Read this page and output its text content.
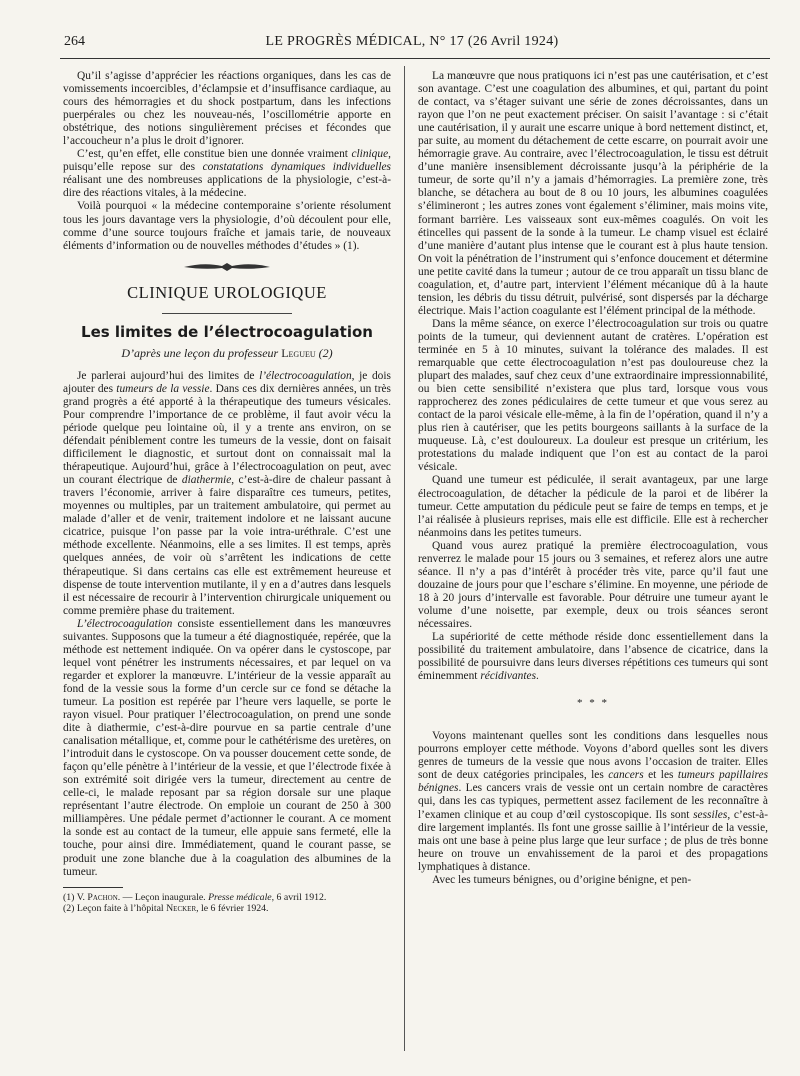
264	LE PROGRÈS MÉDICAL, N° 17 (26 Avril 1924)

Qu’il s’agisse d’apprécier les réactions organiques, dans les cas de vomissements incoercibles, d’éclampsie et d’insuffisance cardiaque, au cours des hémorragies et du shock postpartum, dans les infections puerpérales ou chez les nouveau-nés, l’oscillométrie apporte en obstétrique, des notions singulièrement précises et fécondes que l’accoucheur n’a plus le droit d’ignorer.

C’est, qu’en effet, elle constitue bien une donnée vraiment clinique, puisqu’elle repose sur des constatations dynamiques individuelles réalisant une des nombreuses applications de la physiologie, c’est-à-dire des réactions vitales, à la médecine.

Voilà pourquoi « la médecine contemporaine s’oriente résolument tous les jours davantage vers la physiologie, d’où découlent pour elle, comme d’une source toujours fraîche et jamais tarie, de nouveaux éléments d’information ou de nouvelles méthodes d’études » (1).

CLINIQUE UROLOGIQUE
Les limites de l’électrocoagulation
D’après une leçon du professeur Legueu (2)

Je parlerai aujourd’hui des limites de l’électrocoagulation, je dois ajouter des tumeurs de la vessie. Dans ces dix dernières années, un très grand progrès a été apporté à la thérapeutique des tumeurs vésicales. Pour comprendre l’importance de ce problème, il faut avoir vécu la période quelque peu lointaine où, il y a trente ans environ, on se défendait péniblement contre les tumeurs de la vessie, dont on faisait difficilement le diagnostic, et surtout dont on connaissait mal la thérapeutique. Aujourd’hui, grâce à l’électrocoagulation on peut, avec un courant électrique de diathermie, c’est-à-dire de chaleur passant à travers l’économie, arriver à faire disparaître ces tumeurs, petites, moyennes ou multiples, par un traitement ambulatoire, qui permet au malade d’aller et de venir, traitement indolore et ne laissant aucune cicatrice, puisque l’on passe par la voie intra-uréthrale. C’est une méthode excellente. Néanmoins, elle a ses limites. Il est temps, après quelques années, de voir où s’arrêtent les indications de cette thérapeutique. Si dans certains cas elle est extrêmement heureuse et dispense de toute intervention mutilante, il y en a d’autres dans lesquels il est nécessaire de recourir à l’intervention chirurgicale uniquement ou comme première phase du traitement.

L’électrocoagulation consiste essentiellement dans les manœuvres suivantes. Supposons que la tumeur a été diagnostiquée, repérée, que la méthode est nettement indiquée. On va opérer dans le cystoscope, par lequel vont pénétrer les instruments nécessaires, et par lequel on va regarder et explorer la manœuvre. L’intérieur de la vessie apparaît au fond de la vessie sous la forme d’un cercle sur ce fond se détache la tumeur. La position est repérée par l’heure vers laquelle, se porte le rayon visuel. Pour pratiquer l’électrocoagulation, on prend une sonde dite à diathermie, c’est-à-dire pourvue en sa partie centrale d’une canalisation métallique, et, comme pour le cathétérisme des uretères, on l’introduit dans le cystoscope. On va pousser doucement cette sonde, de façon qu’elle pénètre à l’intérieur de la vessie, et que l’électrode fixée à son extrémité soit dirigée vers la tumeur, directement au centre de celle-ci, le malade reposant par sa région dorsale sur une plaque représentant l’autre électrode. On emploie un courant de 250 à 300 milliampères. Une pédale permet d’actionner le courant. A ce moment la sonde est au contact de la tumeur, elle appuie sans fermeté, elle la touche, pour ainsi dire. Immédiatement, quand le courant passe, se produit une zone blanche due à la coagulation des albumines de la tumeur.

(1) V. Pachon. — Leçon inaugurale. Presse médicale, 6 avril 1912.
(2) Leçon faite à l’hôpital Necker, le 6 février 1924.

La manœuvre que nous pratiquons ici n’est pas une cautérisation, et c’est son avantage. C’est une coagulation des albumines, et qui, partant du point de contact, va s’étager suivant une série de zones décroissantes, dans un rayon que l’on ne peut exactement préciser. On saisit l’avantage : si c’était une cautérisation, il y aurait une escarre unique à bord nettement distinct, et, par suite, au moment du détachement de cette escarre, on pourrait avoir une hémorragie grave. Au contraire, avec l’électrocoagulation, le tissu est détruit d’une manière insensiblement décroissante jusqu’à la périphérie de la tumeur, de sorte qu’il n’y a jamais d’hémorragies. La première zone, très blanche, se détachera au bout de 8 ou 10 jours, les albumines coagulées s’élimineront ; les autres zones vont également s’éliminer, mais moins vite, formant barrière. Les vaisseaux sont eux-mêmes coagulés. On voit les étincelles qui passent de la sonde à la tumeur. Le champ visuel est éclairé d’une manière d’autant plus intense que le courant est à plus haute tension. On voit la pénétration de l’instrument qui s’enfonce doucement et détermine une petite cavité dans la tumeur ; autour de ce trou apparaît un tissu blanc de coagulation, et, d’autre part, intervient l’élément mécanique dû à la haute tension, les débris du tissu détruit, pulvérisé, sont dispersés par la décharge électrique. Mais l’action coagulante est l’élément principal de la méthode.

Dans la même séance, on exerce l’électrocoagulation sur trois ou quatre points de la tumeur, qui deviennent autant de cratères. L’opération est terminée en 5 à 10 minutes, suivant la tolérance des malades. Il est remarquable que cette électrocoagulation n’est pas douloureuse chez la plupart des malades, sauf chez ceux d’une extraordinaire impressionnabilité, ou bien cette sensibilité n’existera que plus tard, lorsque vous vous rapprocherez des zones pédiculaires de cette tumeur et que vous serez au contact de la paroi vésicale elle-même, à la fin de l’opération, quand il n’y a plus rien à cautériser, que les petits bourgeons saillants à la surface de la muqueuse. Là, c’est douloureux. La douleur est presque un critérium, les protestations du malade indiquent que l’on est au contact de la paroi vésicale.

Quand une tumeur est pédiculée, il serait avantageux, par une large électrocoagulation, de détacher la pédicule de la paroi et de libérer la tumeur. Cette amputation du pédicule peut se faire de temps en temps, et je l’ai réalisée à plusieurs reprises, mais elle est difficile. Elle est à rechercher néanmoins dans les petites tumeurs.

Quand vous aurez pratiqué la première électrocoagulation, vous renverrez le malade pour 15 jours ou 3 semaines, et referez alors une autre séance. Il n’y a pas d’intérêt à procéder très vite, parce qu’il faut une douzaine de jours pour que l’eschare s’élimine. En moyenne, une période de 18 à 20 jours d’intervalle est favorable. Pour détruire une tumeur ayant le volume d’une noisette, par exemple, deux ou trois séances seront nécessaires.

La supériorité de cette méthode réside donc essentiellement dans la possibilité du traitement ambulatoire, dans l’absence de cicatrice, dans la possibilité de poursuivre dans leurs diverses répétitions ces tumeurs qui sont éminemment récidivantes.

* * *

Voyons maintenant quelles sont les conditions dans lesquelles nous pourrons employer cette méthode. Voyons d’abord quelles sont les divers genres de tumeurs de la vessie que nous avons l’occasion de traiter. Elles sont de deux catégories principales, les cancers et les tumeurs papillaires bénignes. Les cancers vrais de vessie ont un certain nombre de caractères qui, dans les cas typiques, permettent assez facilement de les reconnaître à l’examen clinique et au coup d’œil cystoscopique. Ils sont sessiles, c’est-à-dire largement implantés. Ils font une grosse saillie à l’intérieur de la vessie, mais ont une base à peine plus large que leur surface ; de plus de très bonne heure on trouve un envahissement de la paroi et des propagations lymphatiques à distance.

Avec les tumeurs bénignes, ou d’origine bénigne, et pen-
